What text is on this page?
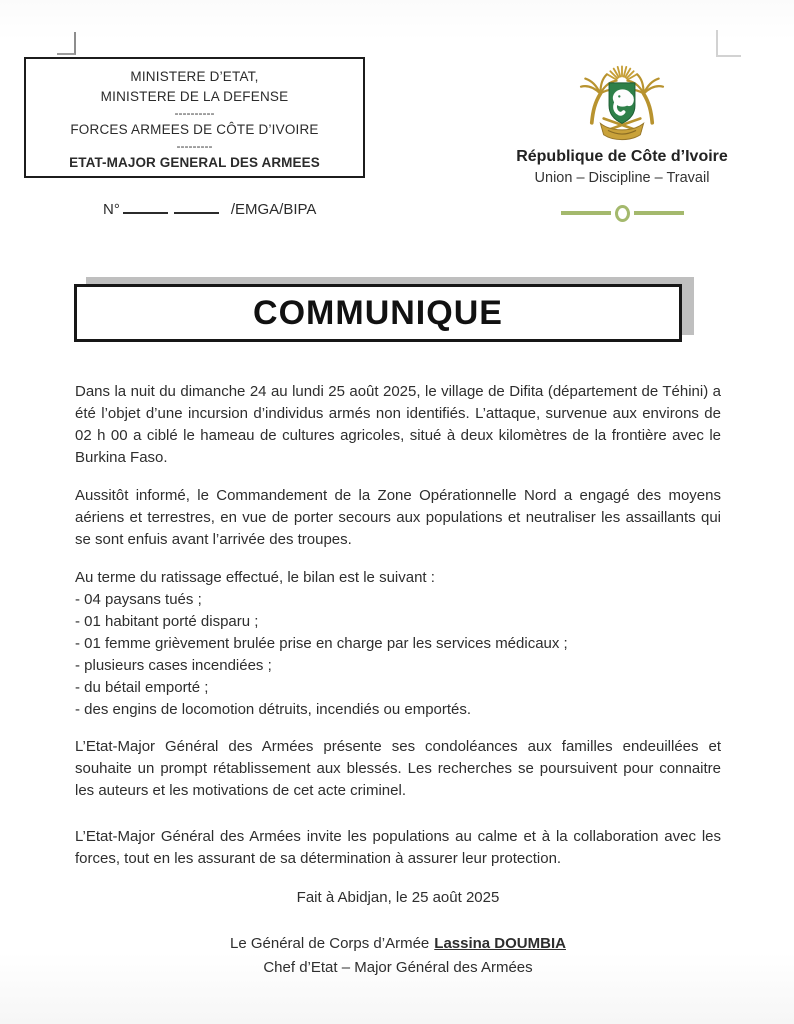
MINISTERE D’ETAT,
MINISTERE DE LA DEFENSE
----------
FORCES ARMEES DE CÔTE D’IVOIRE
---------
ETAT-MAJOR GENERAL DES ARMEES
N°	/EMGA/BIPA
République de Côte d’Ivoire
Union – Discipline – Travail
COMMUNIQUE

Dans la nuit du dimanche 24 au lundi 25 août 2025, le village de Difita (département de Téhini) a été l’objet d’une incursion d’individus armés non identifiés. L’attaque, survenue aux environs de 02 h 00 a ciblé le hameau de cultures agricoles, situé à deux kilomètres de la frontière avec le Burkina Faso.

Aussitôt informé, le Commandement de la Zone Opérationnelle Nord a engagé des moyens aériens et terrestres, en vue de porter secours aux populations et neutraliser les assaillants qui se sont enfuis avant l’arrivée des troupes.

Au terme du ratissage effectué, le bilan est le suivant :

- 04 paysans tués ;
- 01 habitant porté disparu ;
- 01 femme grièvement brulée prise en charge par les services médicaux ;
- plusieurs cases incendiées ;
- du bétail emporté ;
- des engins de locomotion détruits, incendiés ou emportés.

L’Etat-Major Général des Armées présente ses condoléances aux familles endeuillées et souhaite un prompt rétablissement aux blessés. Les recherches se poursuivent pour connaitre les auteurs et les motivations de cet acte criminel.

L’Etat-Major Général des Armées invite les populations au calme et à la collaboration avec les forces, tout en les assurant de sa détermination à assurer leur protection.

Fait à Abidjan, le 25 août 2025

Le Général de Corps d’Armée Lassina DOUMBIA

Chef d’Etat – Major Général des Armées
